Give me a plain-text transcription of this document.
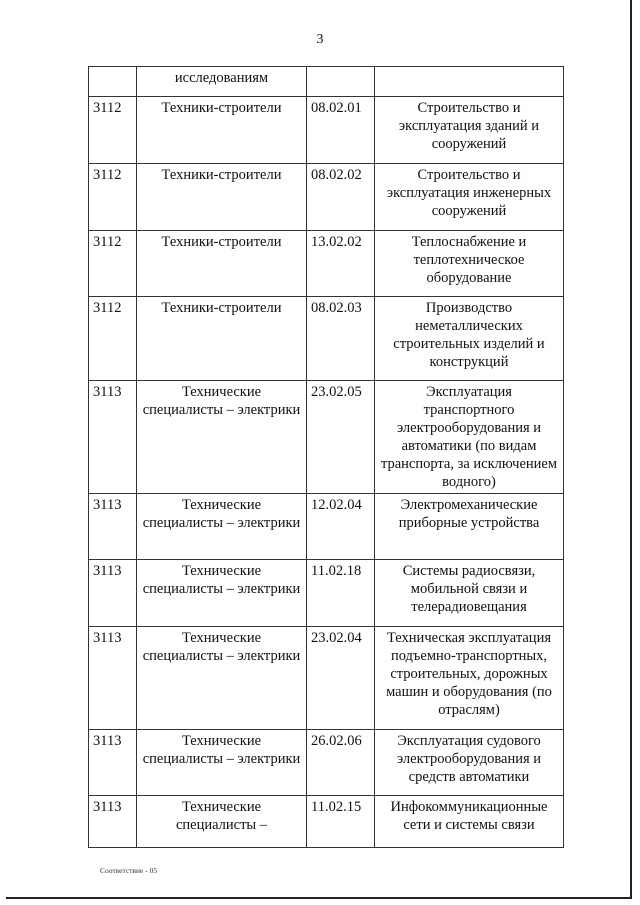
3
	исследованиям		
3112	Техники-строители	08.02.01	Строительство и эксплуатация зданий и сооружений
3112	Техники-строители	08.02.02	Строительство и эксплуатация инженерных сооружений
3112	Техники-строители	13.02.02	Теплоснабжение и теплотехническое оборудование
3112	Техники-строители	08.02.03	Производство неметаллических строительных изделий и конструкций
3113	Технические специалисты – электрики	23.02.05	Эксплуатация транспортного электрооборудования и автоматики (по видам транспорта, за исключением водного)
3113	Технические специалисты – электрики	12.02.04	Электромеханические приборные устройства
3113	Технические специалисты – электрики	11.02.18	Системы радиосвязи, мобильной связи и телерадиовещания
3113	Технические специалисты – электрики	23.02.04	Техническая эксплуатация подъемно-транспортных, строительных, дорожных машин и оборудования (по отраслям)
3113	Технические специалисты – электрики	26.02.06	Эксплуатация судового электрооборудования и средств автоматики
3113	Технические специалисты –	11.02.15	Инфокоммуникационные сети и системы связи
Соответствие - 05
